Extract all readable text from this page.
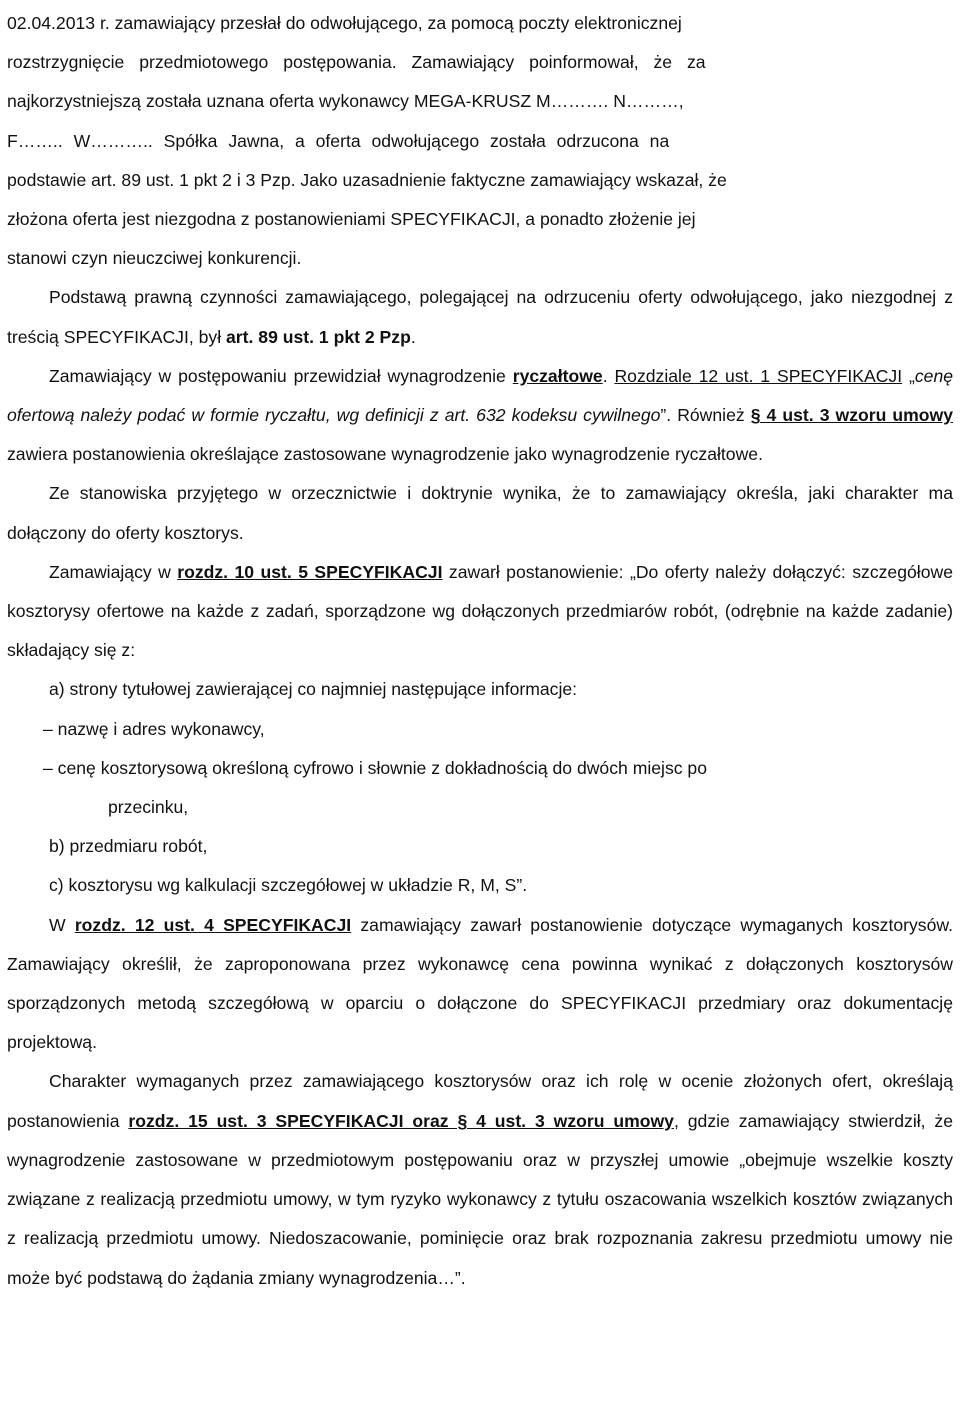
02.04.2013 r. zamawiający przesłał do odwołującego, za pomocą poczty elektronicznej

rozstrzygnięcie przedmiotowego postępowania. Zamawiający poinformował, że za

najkorzystniejszą została uznana oferta wykonawcy MEGA-KRUSZ M………. N………,

F…….. W……….. Spółka Jawna, a oferta odwołującego została odrzucona na

podstawie art. 89 ust. 1 pkt 2 i 3 Pzp. Jako uzasadnienie faktyczne zamawiający wskazał, że

złożona oferta jest niezgodna z postanowieniami SPECYFIKACJI, a ponadto złożenie jej

stanowi czyn nieuczciwej konkurencji.

Podstawą prawną czynności zamawiającego, polegającej na odrzuceniu oferty odwołującego, jako niezgodnej z treścią SPECYFIKACJI, był art. 89 ust. 1 pkt 2 Pzp.

Zamawiający w postępowaniu przewidział wynagrodzenie ryczałtowe. Rozdziale 12 ust. 1 SPECYFIKACJI „cenę ofertową należy podać w formie ryczałtu, wg definicji z art. 632 kodeksu cywilnego”. Również § 4 ust. 3 wzoru umowy zawiera postanowienia określające zastosowane wynagrodzenie jako wynagrodzenie ryczałtowe.

Ze stanowiska przyjętego w orzecznictwie i doktrynie wynika, że to zamawiający określa, jaki charakter ma dołączony do oferty kosztorys.

Zamawiający w rozdz. 10 ust. 5 SPECYFIKACJI zawarł postanowienie: „Do oferty należy dołączyć: szczegółowe kosztorysy ofertowe na każde z zadań, sporządzone wg dołączonych przedmiarów robót, (odrębnie na każde zadanie) składający się z:

a) strony tytułowej zawierającej co najmniej następujące informacje:

– nazwę i adres wykonawcy,

– cenę kosztorysową określoną cyfrowo i słownie z dokładnością do dwóch miejsc po

przecinku,

b) przedmiaru robót,

c) kosztorysu wg kalkulacji szczegółowej w układzie R, M, S”.

W rozdz. 12 ust. 4 SPECYFIKACJI zamawiający zawarł postanowienie dotyczące wymaganych kosztorysów. Zamawiający określił, że zaproponowana przez wykonawcę cena powinna wynikać z dołączonych kosztorysów sporządzonych metodą szczegółową w oparciu o dołączone do SPECYFIKACJI przedmiary oraz dokumentację projektową.

Charakter wymaganych przez zamawiającego kosztorysów oraz ich rolę w ocenie złożonych ofert, określają postanowienia rozdz. 15 ust. 3 SPECYFIKACJI oraz § 4 ust. 3 wzoru umowy, gdzie zamawiający stwierdził, że wynagrodzenie zastosowane w przedmiotowym postępowaniu oraz w przyszłej umowie „obejmuje wszelkie koszty związane z realizacją przedmiotu umowy, w tym ryzyko wykonawcy z tytułu oszacowania wszelkich kosztów związanych z realizacją przedmiotu umowy. Niedoszacowanie, pominięcie oraz brak rozpoznania zakresu przedmiotu umowy nie może być podstawą do żądania zmiany wynagrodzenia…”.
